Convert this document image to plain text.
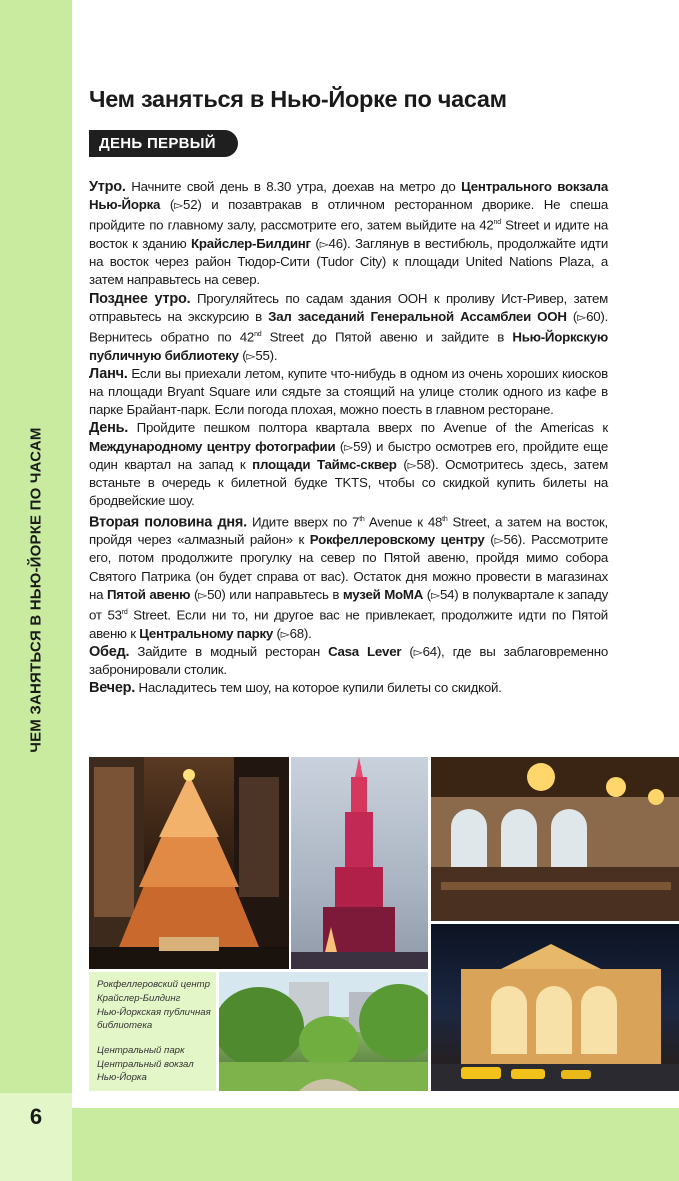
ЧЕМ ЗАНЯТЬСЯ В НЬЮ-ЙОРКЕ ПО ЧАСАМ
6
Чем заняться в Нью-Йорке по часам
ДЕНЬ ПЕРВЫЙ

Утро. Начните свой день в 8.30 утра, доехав на метро до Центрального вокзала Нью-Йорка (▻52) и позавтракав в отличном ресторанном дворике. Не спеша пройдите по главному залу, рассмотрите его, затем выйдите на 42nd Street и идите на восток к зданию Крайслер-Билдинг (▻46). Заглянув в вестибюль, продолжайте идти на восток через район Тюдор-Сити (Tudor City) к площади United Nations Plaza, а затем направьтесь на север.

Позднее утро. Прогуляйтесь по садам здания ООН к проливу Ист-Ривер, затем отправьтесь на экскурсию в Зал заседаний Генеральной Ассамблеи ООН (▻60). Вернитесь обратно по 42nd Street до Пятой авеню и зайдите в Нью-Йоркскую публичную библиотеку (▻55).

Ланч. Если вы приехали летом, купите что-нибудь в одном из очень хороших киосков на площади Bryant Square или сядьте за стоящий на улице столик одного из кафе в парке Брайант-парк. Если погода плохая, можно поесть в главном ресторане.

День. Пройдите пешком полтора квартала вверх по Avenue of the Americas к Международному центру фотографии (▻59) и быстро осмотрев его, пройдите еще один квартал на запад к площади Таймс-сквер (▻58). Осмотритесь здесь, затем встаньте в очередь к билетной будке TKTS, чтобы со скидкой купить билеты на бродвейские шоу.

Вторая половина дня. Идите вверх по 7th Avenue к 48th Street, а затем на восток, пройдя через «алмазный район» к Рокфеллеровскому центру (▻56). Рассмотрите его, потом продолжите прогулку на север по Пятой авеню, пройдя мимо собора Святого Патрика (он будет справа от вас). Остаток дня можно провести в магазинах на Пятой авеню (▻50) или направьтесь в музей МоМА (▻54) в полуквартале к западу от 53rd Street. Если ни то, ни другое вас не привлекает, продолжите идти по Пятой авеню к Центральному парку (▻68).

Обед. Зайдите в модный ресторан Casa Lever (▻64), где вы заблаговременно забронировали столик.

Вечер. Насладитесь тем шоу, на которое купили билеты со скидкой.

Рокфеллеровский центр
Крайслер-Билдинг
Нью-Йоркская публичная библиотека
Центральный парк
Центральный вокзал Нью-Йорка
